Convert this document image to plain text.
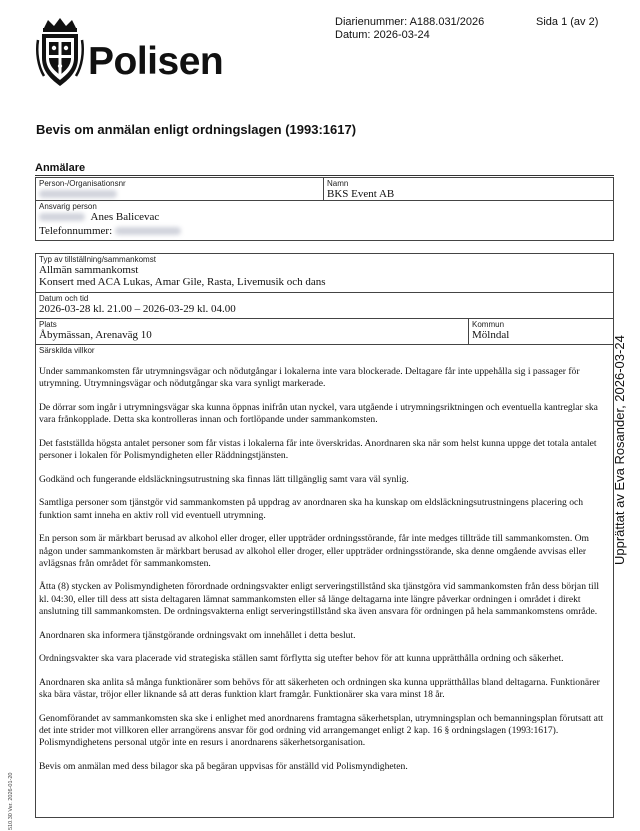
Polisen
Diarienummer: A188.031/2026
Datum: 2026-03-24
Sida 1 (av 2)
Bevis om anmälan enligt ordningslagen (1993:1617)
Anmälare
Person-/Organisationsnr	Namn
BKS Event AB
Ansvarig person
Anes Balicevac
Telefonnummer:
Typ av tillställning/sammankomst
Allmän sammankomst
Konsert med ACA Lukas, Amar Gile, Rasta, Livemusik och dans
Datum och tid
2026-03-28 kl. 21.00 – 2026-03-29 kl. 04.00
Plats
Åbymässan, Arenaväg 10
Kommun
Mölndal
Särskilda villkor

Under sammankomsten får utrymningsvägar och nödutgångar i lokalerna inte vara blockerade. Deltagare får inte uppehålla sig i passager för utrymning. Utrymningsvägar och nödutgångar ska vara synligt markerade.

De dörrar som ingår i utrymningsvägar ska kunna öppnas inifrån utan nyckel, vara utgående i utrymningsriktningen och eventuella kantreglar ska vara frånkopplade. Detta ska kontrolleras innan och fortlöpande under sammankomsten.

Det fastställda högsta antalet personer som får vistas i lokalerna får inte överskridas. Anordnaren ska när som helst kunna uppge det totala antalet personer i lokalen för Polismyndigheten eller Räddningstjänsten.

Godkänd och fungerande eldsläckningsutrustning ska finnas lätt tillgänglig samt vara väl synlig.

Samtliga personer som tjänstgör vid sammankomsten på uppdrag av anordnaren ska ha kunskap om eldsläckningsutrustningens placering och funktion samt inneha en aktiv roll vid eventuell utrymning.

En person som är märkbart berusad av alkohol eller droger, eller uppträder ordningsstörande, får inte medges tillträde till sammankomsten. Om någon under sammankomsten är märkbart berusad av alkohol eller droger, eller uppträder ordningsstörande, ska denne omgående avvisas eller avlägsnas från området för sammankomsten.

Åtta (8) stycken av Polismyndigheten förordnade ordningsvakter enligt serveringstillstånd ska tjänstgöra vid sammankomsten från dess början till kl. 04:30, eller till dess att sista deltagaren lämnat sammankomsten eller så länge deltagarna inte längre påverkar ordningen i området i direkt anslutning till sammankomsten. De ordningsvakterna enligt serveringstillstånd ska även ansvara för ordningen på hela sammankomstens område.

Anordnaren ska informera tjänstgörande ordningsvakt om innehållet i detta beslut.

Ordningsvakter ska vara placerade vid strategiska ställen samt förflytta sig utefter behov för att kunna upprätthålla ordning och säkerhet.

Anordnaren ska anlita så många funktionärer som behövs för att säkerheten och ordningen ska kunna upprätthållas bland deltagarna. Funktionärer ska bära västar, tröjor eller liknande så att deras funktion klart framgår. Funktionärer ska vara minst 18 år.

Genomförandet av sammankomsten ska ske i enlighet med anordnarens framtagna säkerhetsplan, utrymningsplan och bemanningsplan förutsatt att det inte strider mot villkoren eller arrangörens ansvar för god ordning vid arrangemanget enligt 2 kap. 16 § ordningslagen (1993:1617). Polismyndighetens personal utgör inte en resurs i anordnarens säkerhetsorganisation.

Bevis om anmälan med dess bilagor ska på begäran uppvisas för anställd vid Polismyndigheten.

Upprättat av Eva Rosander, 2026-03-24
510.30 Ver. 2026-01-20
